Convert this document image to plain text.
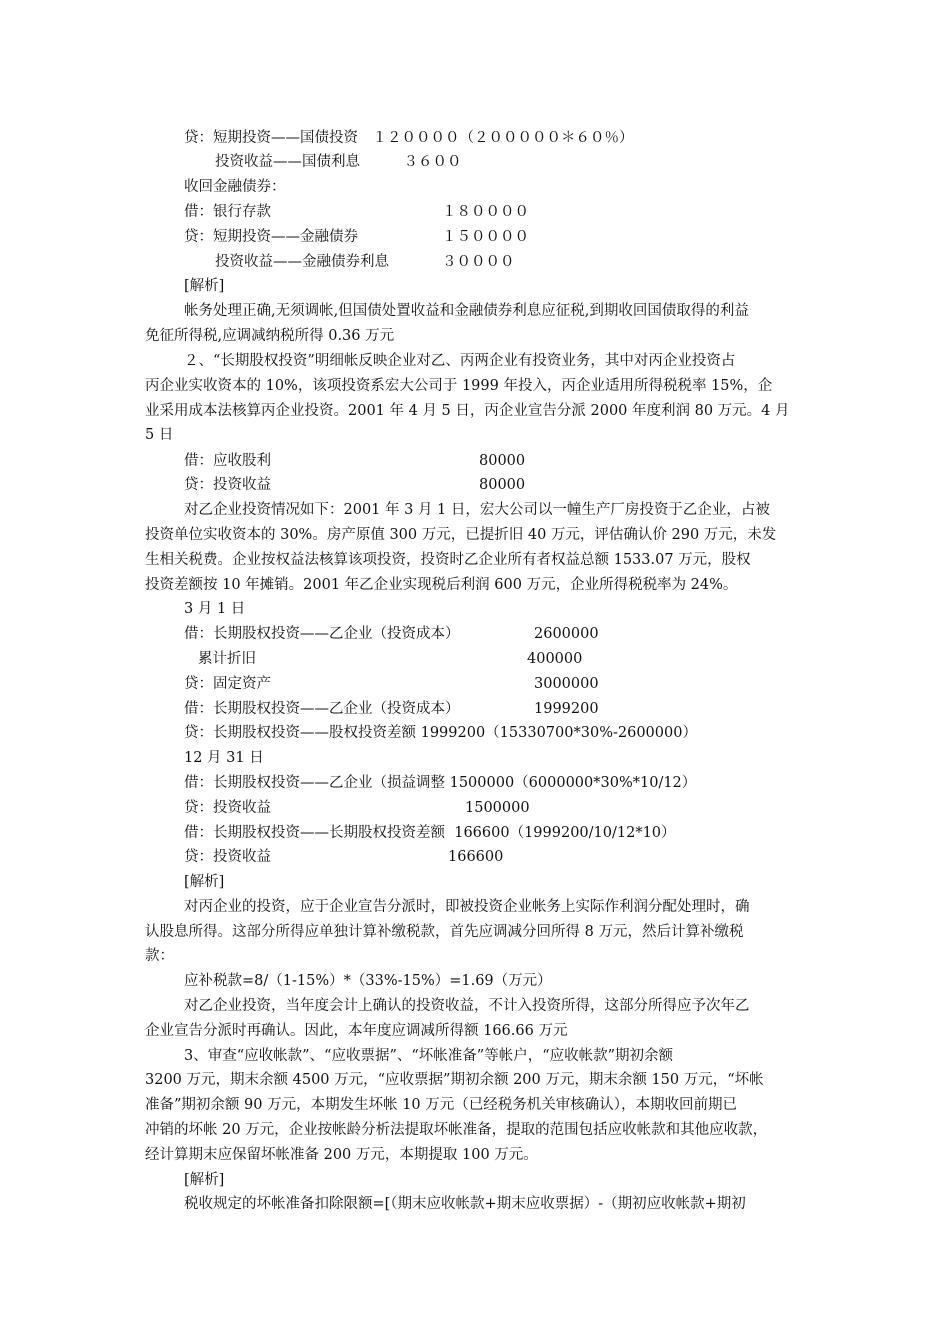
贷：短期投资——国债投资　１２００００（２０００００＊６０％）
投资收益——国债利息　　　３６００
收回金融债券：
借：银行存款	１８００００
贷：短期投资——金融债券	１５００００
投资收益——金融债券利息	３００００
[解析]
帐务处理正确,无须调帐,但国债处置收益和金融债券利息应征税,到期收回国债取得的利益
免征所得税,应调减纳税所得 0.36 万元
２、“长期股权投资”明细帐反映企业对乙、丙两企业有投资业务，其中对丙企业投资占
丙企业实收资本的 10%，该项投资系宏大公司于 1999 年投入，丙企业适用所得税税率 15%，企
业采用成本法核算丙企业投资。2001 年 4 月 5 日，丙企业宣告分派 2000 年度利润 80 万元。4 月
5 日
借：应收股利	80000
贷：投资收益	80000
对乙企业投资情况如下：2001 年 3 月 1 日，宏大公司以一幢生产厂房投资于乙企业，占被
投资单位实收资本的 30%。房产原值 300 万元，已提折旧 40 万元，评估确认价 290 万元，未发
生相关税费。企业按权益法核算该项投资，投资时乙企业所有者权益总额 1533.07 万元，股权
投资差额按 10 年摊销。2001 年乙企业实现税后利润 600 万元，企业所得税税率为 24%。
3 月 1 日
借：长期股权投资——乙企业（投资成本）	2600000
累计折旧	400000
贷：固定资产	3000000
借：长期股权投资——乙企业（投资成本）	1999200
贷：长期股权投资——股权投资差额 1999200（15330700*30%-2600000）
12 月 31 日
借：长期股权投资——乙企业（损益调整 1500000（6000000*30%*10/12）
贷：投资收益	1500000
借：长期股权投资——长期股权投资差额  166600（1999200/10/12*10）
贷：投资收益	166600
[解析]
对丙企业的投资，应于企业宣告分派时，即被投资企业帐务上实际作利润分配处理时，确
认股息所得。这部分所得应单独计算补缴税款，首先应调减分回所得 8 万元，然后计算补缴税
款：
应补税款=8/（1-15%）*（33%-15%）=1.69（万元）
对乙企业投资，当年度会计上确认的投资收益，不计入投资所得，这部分所得应予次年乙
企业宣告分派时再确认。因此，本年度应调减所得额 166.66 万元
3、审查“应收帐款”、“应收票据”、“坏帐准备”等帐户，“应收帐款”期初余额
3200 万元，期末余额 4500 万元，“应收票据”期初余额 200 万元，期末余额 150 万元，“坏帐
准备”期初余额 90 万元，本期发生坏帐 10 万元（已经税务机关审核确认），本期收回前期已
冲销的坏帐 20 万元，企业按帐龄分析法提取坏帐准备，提取的范围包括应收帐款和其他应收款，
经计算期末应保留坏帐准备 200 万元，本期提取 100 万元。
[解析]
税收规定的坏帐准备扣除限额=[（期末应收帐款+期末应收票据）-（期初应收帐款+期初
